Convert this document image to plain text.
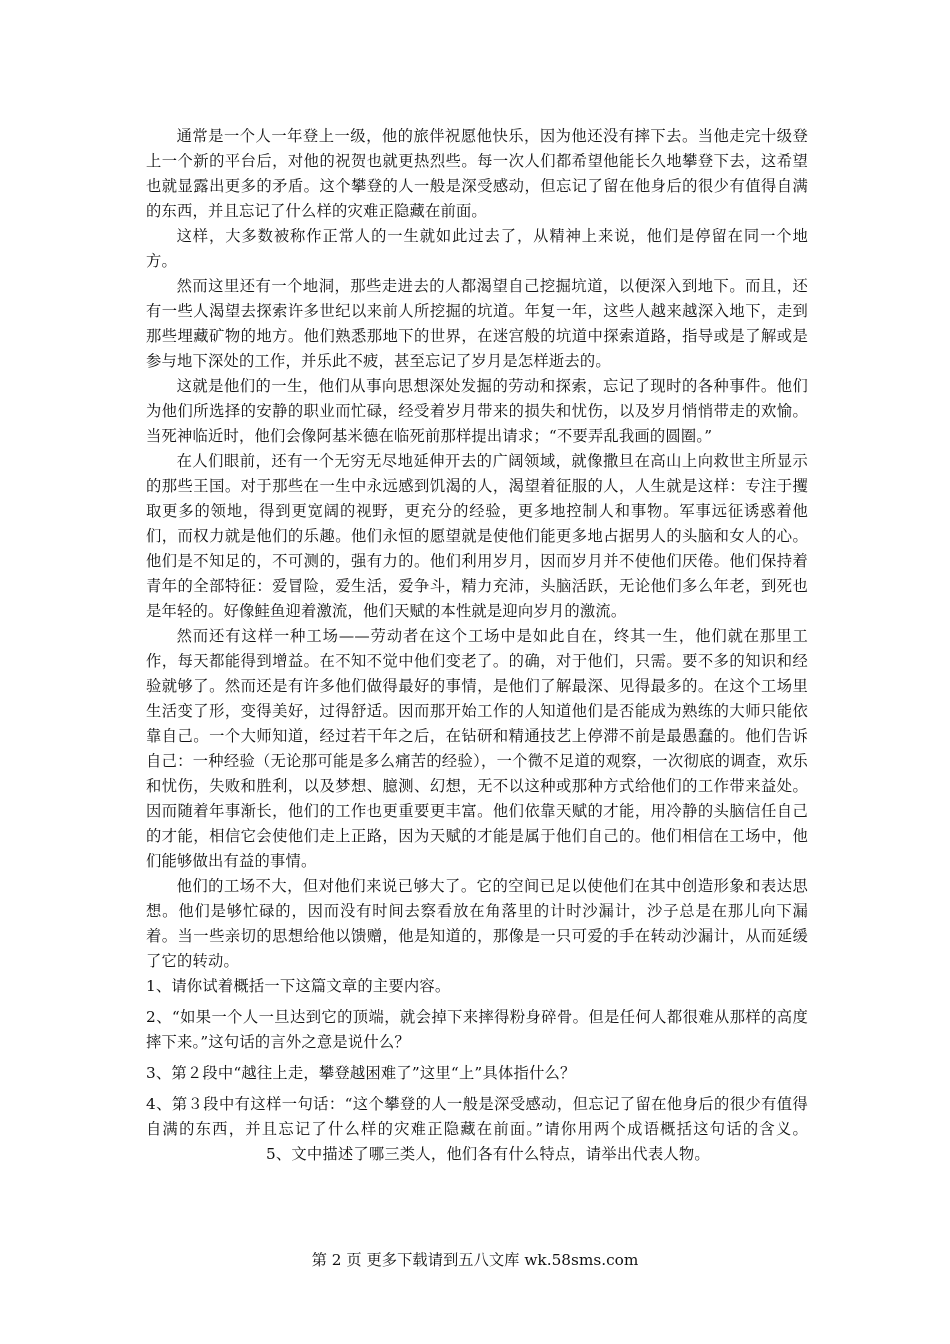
通常是一个人一年登上一级，他的旅伴祝愿他快乐，因为他还没有摔下去。当他走完十级登上一个新的平台后，对他的祝贺也就更热烈些。每一次人们都希望他能长久地攀登下去，这希望也就显露出更多的矛盾。这个攀登的人一般是深受感动，但忘记了留在他身后的很少有值得自满的东西，并且忘记了什么样的灾难正隐藏在前面。

这样，大多数被称作正常人的一生就如此过去了，从精神上来说，他们是停留在同一个地方。

然而这里还有一个地洞，那些走进去的人都渴望自己挖掘坑道，以便深入到地下。而且，还有一些人渴望去探索许多世纪以来前人所挖掘的坑道。年复一年，这些人越来越深入地下，走到那些埋藏矿物的地方。他们熟悉那地下的世界，在迷宫般的坑道中探索道路，指导或是了解或是参与地下深处的工作，并乐此不疲，甚至忘记了岁月是怎样逝去的。

这就是他们的一生，他们从事向思想深处发掘的劳动和探索，忘记了现时的各种事件。他们为他们所选择的安静的职业而忙碌，经受着岁月带来的损失和忧伤，以及岁月悄悄带走的欢愉。当死神临近时，他们会像阿基米德在临死前那样提出请求；“不要弄乱我画的圆圈。”

在人们眼前，还有一个无穷无尽地延伸开去的广阔领域，就像撒旦在高山上向救世主所显示的那些王国。对于那些在一生中永远感到饥渴的人，渴望着征服的人，人生就是这样：专注于攫取更多的领地，得到更宽阔的视野，更充分的经验，更多地控制人和事物。军事远征诱惑着他们，而权力就是他们的乐趣。他们永恒的愿望就是使他们能更多地占据男人的头脑和女人的心。他们是不知足的，不可测的，强有力的。他们利用岁月，因而岁月并不使他们厌倦。他们保持着青年的全部特征：爱冒险，爱生活，爱争斗，精力充沛，头脑活跃，无论他们多么年老，到死也是年轻的。好像鲑鱼迎着激流，他们天赋的本性就是迎向岁月的激流。

然而还有这样一种工场——劳动者在这个工场中是如此自在，终其一生，他们就在那里工作，每天都能得到增益。在不知不觉中他们变老了。的确，对于他们，只需。要不多的知识和经验就够了。然而还是有许多他们做得最好的事情，是他们了解最深、见得最多的。在这个工场里生活变了形，变得美好，过得舒适。因而那开始工作的人知道他们是否能成为熟练的大师只能依靠自己。一个大师知道，经过若干年之后，在钻研和精通技艺上停滞不前是最愚蠢的。他们告诉自己：一种经验（无论那可能是多么痛苦的经验），一个微不足道的观察，一次彻底的调查，欢乐和忧伤，失败和胜利，以及梦想、臆测、幻想，无不以这种或那种方式给他们的工作带来益处。因而随着年事渐长，他们的工作也更重要更丰富。他们依靠天赋的才能，用冷静的头脑信任自己的才能，相信它会使他们走上正路，因为天赋的才能是属于他们自己的。他们相信在工场中，他们能够做出有益的事情。

他们的工场不大，但对他们来说已够大了。它的空间已足以使他们在其中创造形象和表达思想。他们是够忙碌的，因而没有时间去察看放在角落里的计时沙漏计，沙子总是在那儿向下漏着。当一些亲切的思想给他以馈赠，他是知道的，那像是一只可爱的手在转动沙漏计，从而延缓了它的转动。

1、请你试着概括一下这篇文章的主要内容。

2、“如果一个人一旦达到它的顶端，就会掉下来摔得粉身碎骨。但是任何人都很难从那样的高度摔下来。”这句话的言外之意是说什么？

3、第２段中“越往上走，攀登越困难了”这里“上”具体指什么？

4、第３段中有这样一句话：“这个攀登的人一般是深受感动，但忘记了留在他身后的很少有值得自满的东西，并且忘记了什么样的灾难正隐藏在前面。”请你用两个成语概括这句话的含义。5、文中描述了哪三类人，他们各有什么特点，请举出代表人物。

第 2 页 更多下载请到五八文库 wk.58sms.com
